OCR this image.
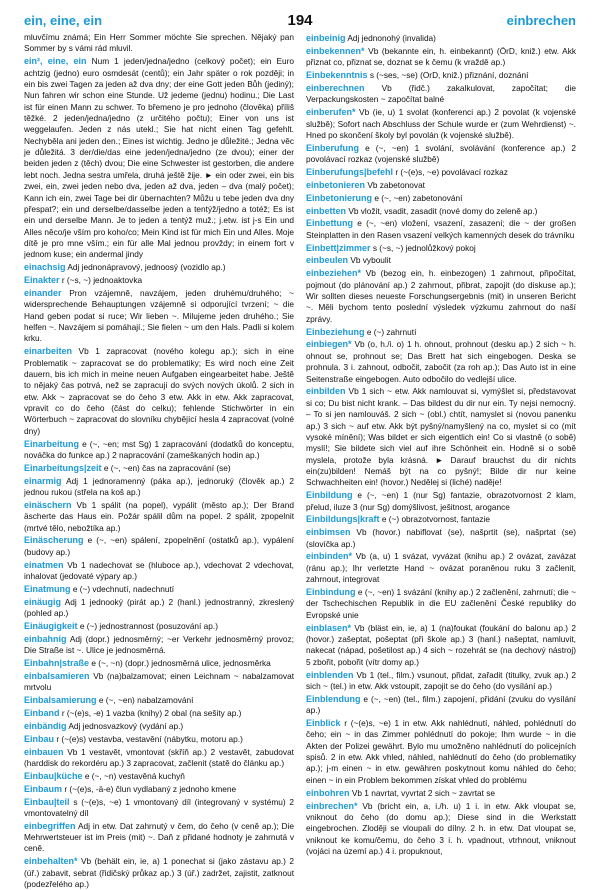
ein, eine, ein	194	einbrechen

mluvčímu známá; Ein Herr Sommer möchte Sie sprechen. Nějaký pan Sommer by s vámi rád mluvil.

ein², eine, ein Num 1 jeden/jedna/jedno (celkový počet); ein Euro achtzig (jedno) euro osmdesát (centů); ein Jahr später o rok později; in ein bis zwei Tagen za jeden až dva dny; der eine Gott jeden Bůh (jediný); Nun fahren wir schon eine Stunde. Už jedeme (jednu) hodinu.; Die Last ist für einen Mann zu schwer. To břemeno je pro jednoho (člověka) příliš těžké. 2 jeden/jedna/jedno (z určitého počtu); Einer von uns ist weggelaufen. Jeden z nás utekl.; Sie hat nicht einen Tag gefehlt. Nechyběla ani jeden den.; Eines ist wichtig. Jedno je důležité.; Jedna věc je důležitá. 3 der/die/das eine jeden/jedna/jedno (ze dvou); einer der beiden jeden z (těch) dvou; Die eine Schwester ist gestorben, die andere lebt noch. Jedna sestra umřela, druhá ještě žije. ► ein oder zwei, ein bis zwei, ein, zwei jeden nebo dva, jeden až dva, jeden – dva (malý počet); Kann ich ein, zwei Tage bei dir übernachten? Můžu u tebe jeden dva dny přespat?; ein und derselbe/dasselbe jeden a tentýž/jedno a totéž; Es ist ein und derselbe Mann. Je to jeden a tentýž muž.; j.etw. ist j-s Ein und Alles něco/je vším pro koho/co; Mein Kind ist für mich Ein und Alles. Moje dítě je pro mne vším.; ein für alle Mal jednou provždy; in einem fort v jednom kuse; ein andermal jindy

einachsig Adj jednonápravový, jednoosý (vozidlo ap.)

Einakter r (~s, ~) jednoaktovka

einander Pron vzájemně, navzájem, jeden druhému/druhého; ~ widersprechende Behauptungen vzájemně si odporující tvrzení; ~ die Hand geben podat si ruce; Wir lieben ~. Milujeme jeden druhého.; Sie helfen ~. Navzájem si pomáhají.; Sie fielen ~ um den Hals. Padli si kolem krku.

einarbeiten Vb 1 zapracovat (nového kolegu ap.); sich in eine Problematik ~ zapracovat se do problematiky; Es wird noch eine Zeit dauern, bis ich mich in meine neuen Aufgaben eingearbeitet habe. Ještě to nějaký čas potrvá, než se zapracuji do svých nových úkolů. 2 sich in etw. Akk ~ zapracovat se do čeho 3 etw. Akk in etw. Akk zapracovat, vpravit co do čeho (část do celku); fehlende Stichwörter in ein Wörterbuch ~ zapracovat do slovníku chybějící hesla 4 zapracovat (volné dny)

Einarbeitung e (~, ~en; mst Sg) 1 zapracování (dodatků do konceptu, nováčka do funkce ap.) 2 napracování (zameškaných hodin ap.)

Einarbeitungs|zeit e (~, ~en) čas na zapracování (se)

einarmig Adj 1 jednoramenný (páka ap.), jednoruký (člověk ap.) 2 jednou rukou (střela na koš ap.)

einäschern Vb 1 spálit (na popel), vypálit (město ap.); Der Brand äscherte das Haus ein. Požár spálil dům na popel. 2 spálit, zpopelnit (mrtvé tělo, nebožtíka ap.)

Einäscherung e (~, ~en) spálení, zpopelnění (ostatků ap.), vypálení (budovy ap.)

einatmen Vb 1 nadechovat se (hluboce ap.), vdechovat 2 vdechovat, inhalovat (jedovaté výpary ap.)

Einatmung e (~) vdechnutí, nadechnutí

einäugig Adj 1 jednooký (pirát ap.) 2 (hanl.) jednostranný, zkreslený (pohled ap.)

Einäugigkeit e (~) jednostrannost (posuzování ap.)

einbahnig Adj (dopr.) jednosměrný; ~er Verkehr jednosměrný provoz; Die Straße ist ~. Ulice je jednosměrná.

Einbahn|straße e (~, ~n) (dopr.) jednosměrná ulice, jednosměrka

einbalsamieren Vb (na)balzamovat; einen Leichnam ~ nabalzamovat mrtvolu

Einbalsamierung e (~, ~en) nabalzamování

Einband r (~(e)s, -e) 1 vazba (knihy) 2 obal (na sešity ap.)

einbändig Adj jednosvazkový (vydání ap.)

Einbau r (~(e)s) vestavba, vestavění (nábytku, motoru ap.)

einbauen Vb 1 vestavět, vmontovat (skříň ap.) 2 vestavět, zabudovat (harddisk do rekordéru ap.) 3 zapracovat, začlenit (statě do článku ap.)

Einbau|küche e (~, ~n) vestavěná kuchyň

Einbaum r (~(e)s, -ä-e) člun vydlabaný z jednoho kmene

Einbau|teil s (~(e)s, ~e) 1 vmontovaný díl (integrovaný v systému) 2 vmontovatelný díl

einbegriffen Adj in etw. Dat zahrnutý v čem, do čeho (v ceně ap.); Die Mehrwertsteuer ist im Preis (mit) ~. Daň z přidané hodnoty je zahrnutá v ceně.

einbehalten* Vb (behält ein, ie, a) 1 ponechat si (jako zástavu ap.) 2 (úř.) zabavit, sebrat (řidičský průkaz ap.) 3 (úř.) zadržet, zajistit, zatknout (podezřelého ap.)

einbeinig Adj jednonohý (invalida)

einbekennen* Vb (bekannte ein, h. einbekannt) (ÖrD, kniž.) etw. Akk přiznat co, přiznat se, doznat se k čemu (k vraždě ap.)

Einbekenntnis s (~ses, ~se) (OrD, kniž.) přiznání, doznání

einberechnen Vb (řidč.) zakalkulovat, započítat; die Verpackungskosten ~ započítat balné

einberufen* Vb (ie, u) 1 svolat (konferenci ap.) 2 povolat (k vojenské službě); Sofort nach Abschluss der Schule wurde er (zum Wehrdienst) ~. Hned po skončení školy byl povolán (k vojenské službě).

Einberufung e (~, ~en) 1 svolání, svolávání (konference ap.) 2 povolávací rozkaz (vojenské službě)

Einberufungs|befehl r (~(e)s, ~e) povolávací rozkaz

einbetonieren Vb zabetonovat

Einbetonierung e (~, ~en) zabetonování

einbetten Vb vložit, vsadit, zasadit (nové domy do zeleně ap.)

Einbettung e (~, ~en) vložení, vsazení, zasazení; die ~ der großen Steinplatten in den Rasen vsazení velkých kamenných desek do trávníku

Einbett|zimmer s (~s, ~) jednolůžkový pokoj

einbeulen Vb vyboulit

einbeziehen* Vb (bezog ein, h. einbezogen) 1 zahrnout, připočítat, pojmout (do plánování ap.) 2 zahrnout, přibrat, zapojit (do diskuse ap.); Wir sollten dieses neueste Forschungsergebnis (mit) in unseren Bericht ~. Měli bychom tento poslední výsledek výzkumu zahrnout do naší zprávy.

Einbeziehung e (~) zahrnutí

einbiegen* Vb (o, h./i. o) 1 h. ohnout, prohnout (desku ap.) 2 sich ~ h. ohnout se, prohnout se; Das Brett hat sich eingebogen. Deska se prohnula. 3 i. zahnout, odbočit, zabočit (za roh ap.); Das Auto ist in eine Seitenstraße eingebogen. Auto odbočilo do vedlejší ulice.

einbilden Vb 1 sich ~ etw. Akk namlouvat si, vymýšlet si, představovat si co; Du bist nicht krank. – Das bildest du dir nur ein. Ty nejsi nemocný. – To si jen namlouváš. 2 sich ~ (obl.) chtít, namyslet si (novou panenku ap.) 3 sich ~ auf etw. Akk být pyšný/namyšlený na co, myslet si co (mít vysoké mínění); Was bildet er sich eigentlich ein! Co si vlastně (o sobě) myslí!; Sie bildete sich viel auf ihre Schönheit ein. Hodně si o sobě myslela, protože byla krásná. ► Darauf brauchst du dir nichts ein(zu)bilden! Nemáš být na co pyšný!; Bilde dir nur keine Schwachheiten ein! (hovor.) Nedělej si (liché) naděje!

Einbildung e (~, ~en) 1 (nur Sg) fantazie, obrazotvornost 2 klam, přelud, iluze 3 (nur Sg) domýšlivost, ješitnost, arogance

Einbildungs|kraft e (~) obrazotvornost, fantazie

einbimsen Vb (hovor.) nabiflovat (se), našprtit (se), našprtat (se) (slovíčka ap.)

einbinden* Vb (a, u) 1 svázat, vyvázat (knihu ap.) 2 ovázat, zavázat (ránu ap.); Ihr verletzte Hand ~ ovázat poraněnou ruku 3 začlenit, zahrnout, integrovat

Einbindung e (~, ~en) 1 svázání (knihy ap.) 2 začlenění, zahrnutí; die ~ der Tschechischen Republik in die EU začlenění České republiky do Evropské unie

einblasen* Vb (bläst ein, ie, a) 1 (na)foukat (foukání do balonu ap.) 2 (hovor.) zašeptat, pošeptat (při škole ap.) 3 (hanl.) našeptat, namluvit, nakecat (nápad, pošetilost ap.) 4 sich ~ rozehrát se (na dechový nástroj) 5 zbořit, pobořit (vítr domy ap.)

einblenden Vb 1 (tel., film.) vsunout, přidat, zařadit (titulky, zvuk ap.) 2 sich ~ (tel.) in etw. Akk vstoupit, zapojit se do čeho (do vysílání ap.)

Einblendung e (~, ~en) (tel., film.) zapojení, přidání (zvuku do vysílání ap.)

Einblick r (~(e)s, ~e) 1 in etw. Akk nahlédnutí, náhled, pohlédnutí do čeho; ein ~ in das Zimmer pohlédnutí do pokoje; Ihm wurde ~ in die Akten der Polizei gewährt. Bylo mu umožněno nahlédnutí do policejních spisů. 2 in etw. Akk vhled, náhled, nahlédnutí do čeho (do problematiky ap.); j-m einen ~ in etw. gewähren poskytnout komu náhled do čeho; einen ~ in ein Problem bekommen získat vhled do problému

einbohren Vb 1 navrtat, vyvrtat 2 sich ~ zavrtat se

einbrechen* Vb (bricht ein, a, i./h. u) 1 i. in etw. Akk vloupat se, vniknout do čeho (do domu ap.); Diese sind in die Werkstatt eingebrochen. Zloději se vloupali do dílny. 2 h. in etw. Dat vloupat se, vniknout ke komu/čemu, do čeho 3 i. h. vpadnout, vtrhnout, vniknout (vojáci na území ap.) 4 i. propuknout,
